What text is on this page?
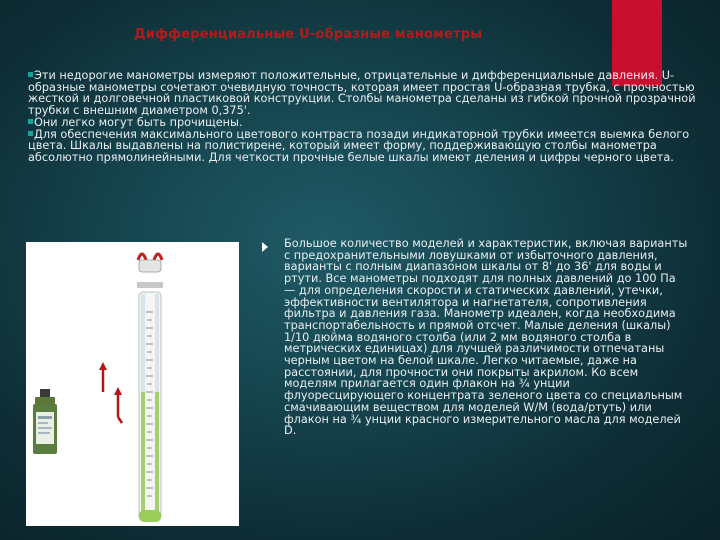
Дифференциальные U-образные манометры

Эти недорогие манометры измеряют положительные, отрицательные и дифференциальные давления. U-образные манометры сочетают очевидную точность, которая имеет простая U-образная трубка, с прочностью жесткой и долговечной пластиковой конструкции. Столбы манометра сделаны из гибкой прочной прозрачной трубки с внешним диаметром 0,375'.

Они легко могут быть прочищены.

Для обеспечения максимального цветового контраста позади индикаторной трубки имеется выемка белого цвета. Шкалы выдавлены на полистирене, который имеет форму, поддерживающую столбы манометра абсолютно прямолинейными. Для четкости прочные белые шкалы имеют деления и цифры черного цвета.

Большое количество моделей и характеристик, включая варианты с предохранительными ловушками от избыточного давления, варианты с полным диапазоном шкалы от 8' до 36' для воды и ртути. Все манометры подходят для полных давлений до 100 Па — для определения скорости и статических давлений, утечки, эффективности вентилятора и нагнетателя, сопротивления фильтра и давления газа. Манометр идеален, когда необходима транспортабельность и прямой отсчет. Малые деления (шкалы) 1/10 дюйма водяного столба (или 2 мм водяного столба в метрических единицах) для лучшей различимости отпечатаны черным цветом на белой шкале. Легко читаемые, даже на расстоянии, для прочности они покрыты акрилом. Ко всем моделям прилагается один флакон на ¾ унции флуоресцирующего концентрата зеленого цвета со специальным смачивающим веществом для моделей W/M (вода/ртуть) или флакон на ¾ унции красного измерительного масла для моделей D.
